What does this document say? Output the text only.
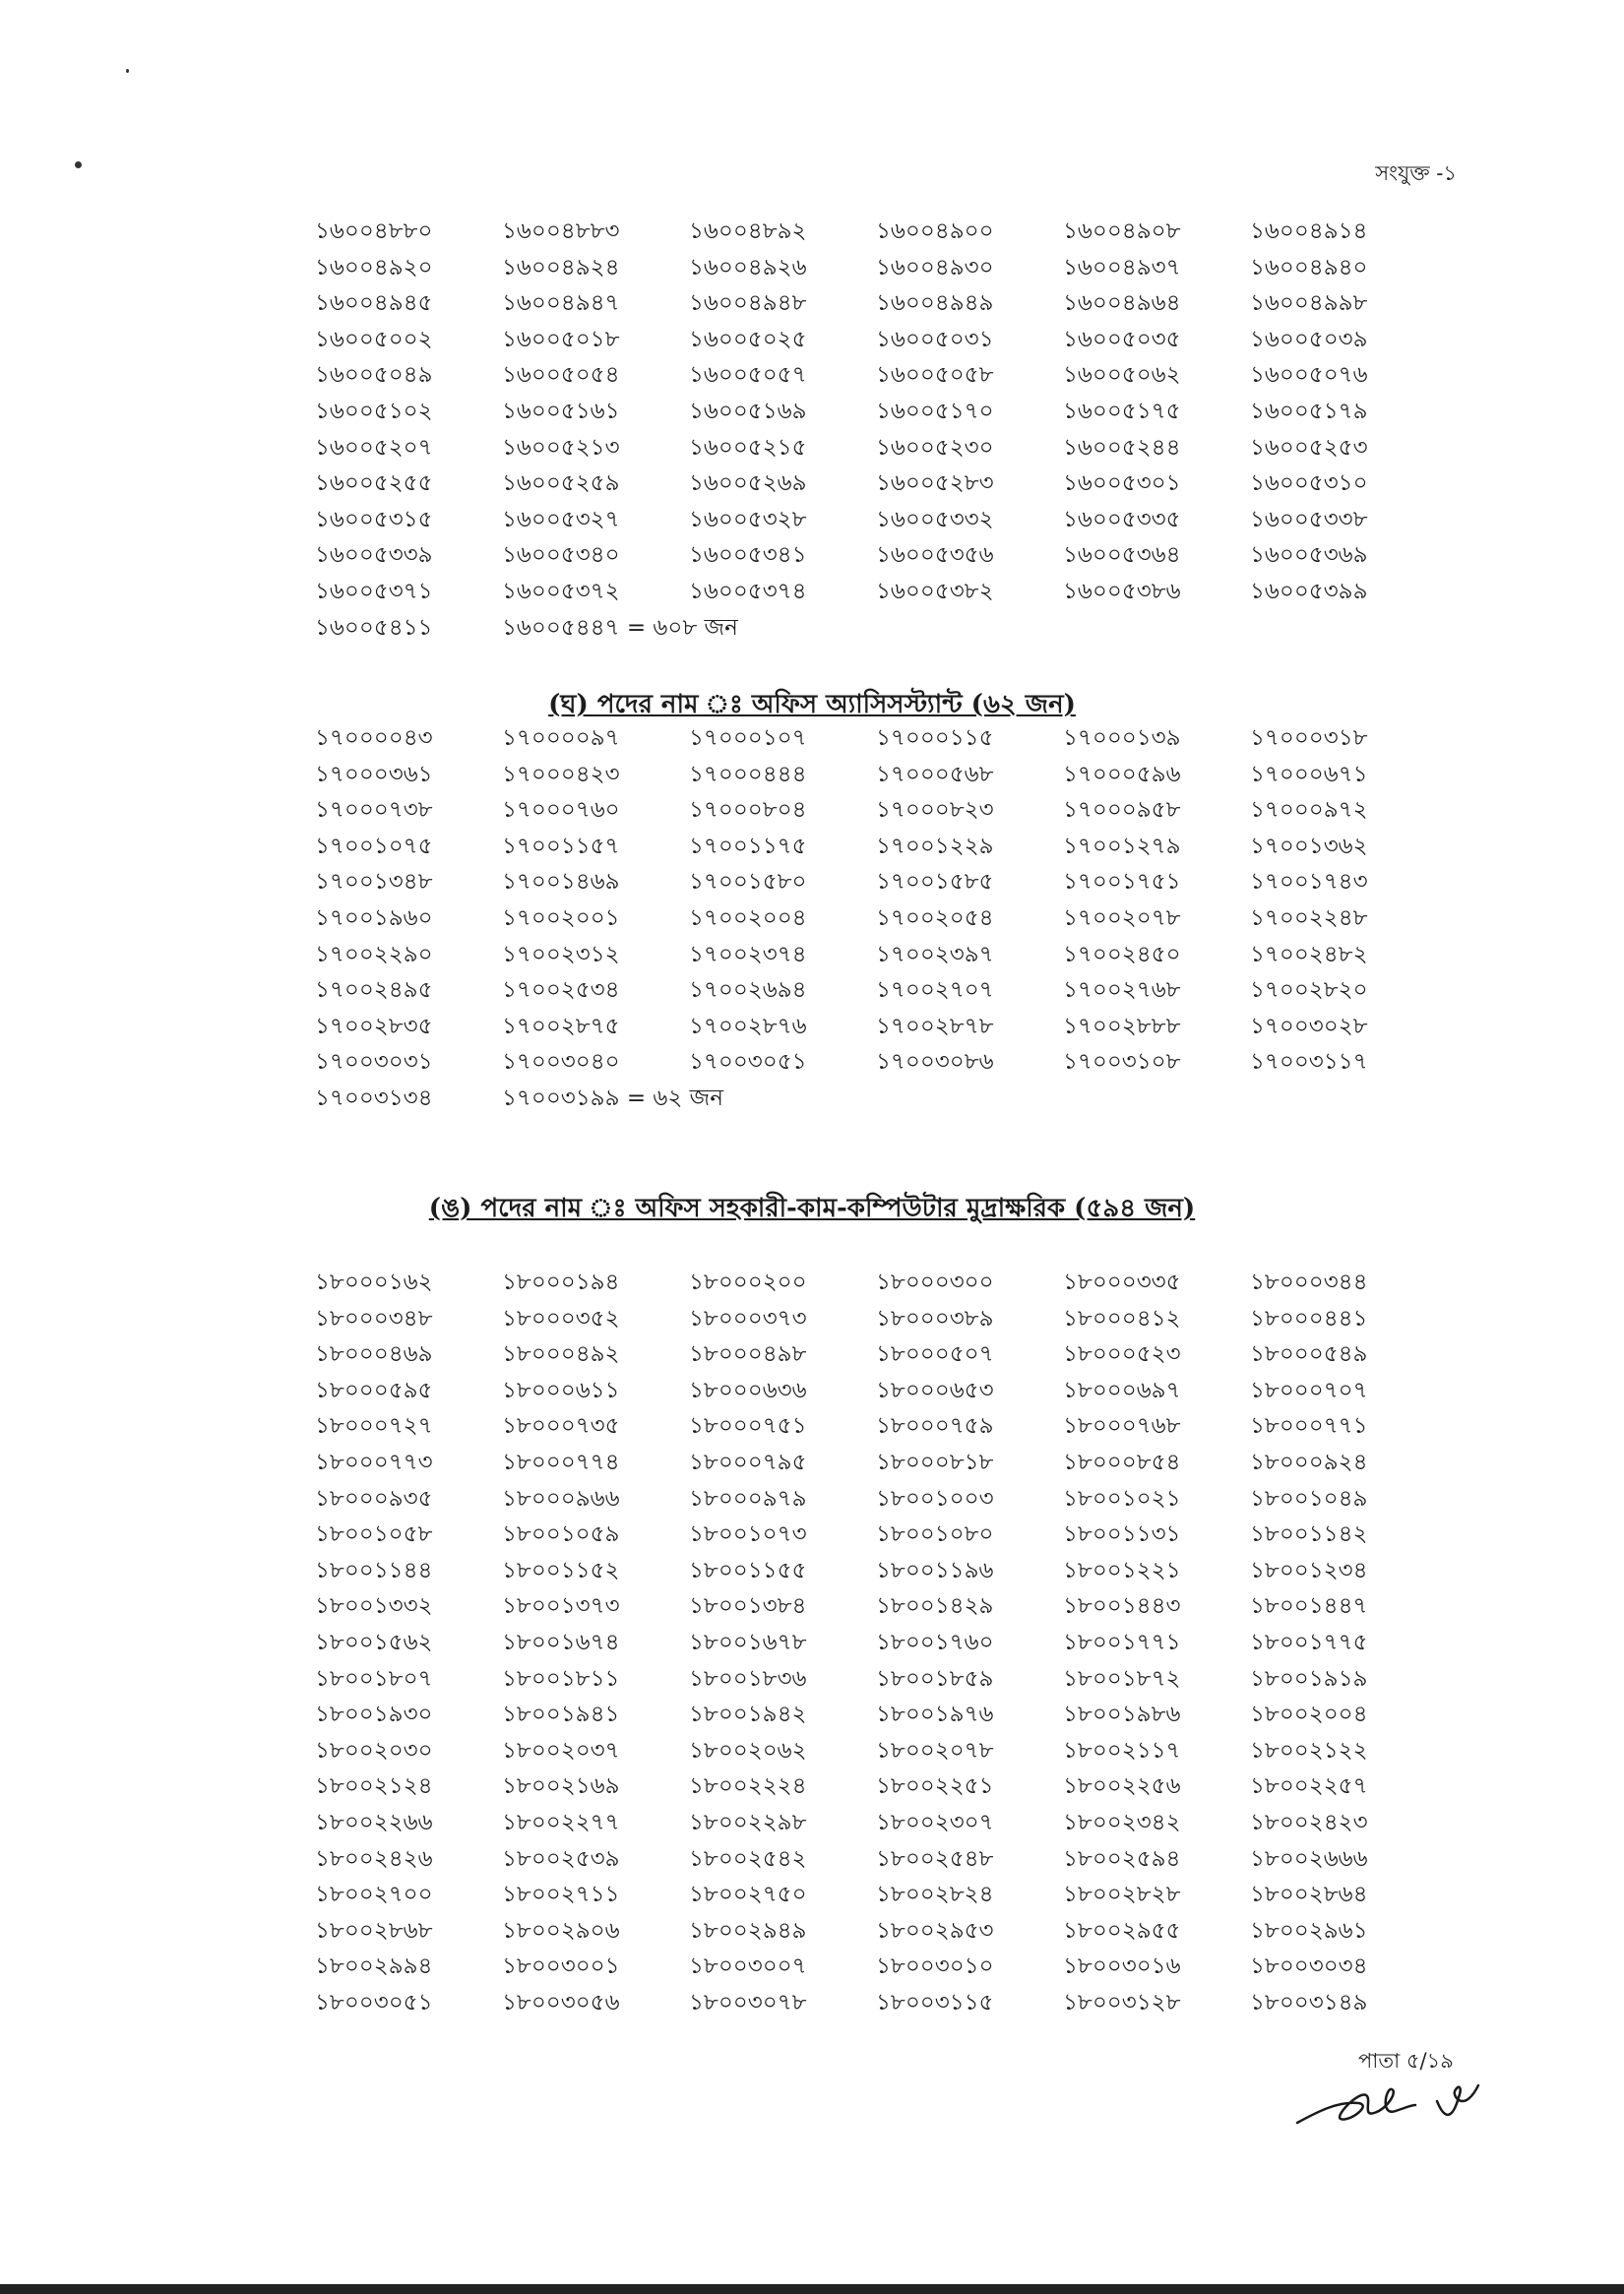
সংযুক্ত -১
১৬০০৪৮৮০	১৬০০৪৮৮৩	১৬০০৪৮৯২	১৬০০৪৯০০	১৬০০৪৯০৮	১৬০০৪৯১৪
১৬০০৪৯২০	১৬০০৪৯২৪	১৬০০৪৯২৬	১৬০০৪৯৩০	১৬০০৪৯৩৭	১৬০০৪৯৪০
১৬০০৪৯৪৫	১৬০০৪৯৪৭	১৬০০৪৯৪৮	১৬০০৪৯৪৯	১৬০০৪৯৬৪	১৬০০৪৯৯৮
১৬০০৫০০২	১৬০০৫০১৮	১৬০০৫০২৫	১৬০০৫০৩১	১৬০০৫০৩৫	১৬০০৫০৩৯
১৬০০৫০৪৯	১৬০০৫০৫৪	১৬০০৫০৫৭	১৬০০৫০৫৮	১৬০০৫০৬২	১৬০০৫০৭৬
১৬০০৫১০২	১৬০০৫১৬১	১৬০০৫১৬৯	১৬০০৫১৭০	১৬০০৫১৭৫	১৬০০৫১৭৯
১৬০০৫২০৭	১৬০০৫২১৩	১৬০০৫২১৫	১৬০০৫২৩০	১৬০০৫২৪৪	১৬০০৫২৫৩
১৬০০৫২৫৫	১৬০০৫২৫৯	১৬০০৫২৬৯	১৬০০৫২৮৩	১৬০০৫৩০১	১৬০০৫৩১০
১৬০০৫৩১৫	১৬০০৫৩২৭	১৬০০৫৩২৮	১৬০০৫৩৩২	১৬০০৫৩৩৫	১৬০০৫৩৩৮
১৬০০৫৩৩৯	১৬০০৫৩৪০	১৬০০৫৩৪১	১৬০০৫৩৫৬	১৬০০৫৩৬৪	১৬০০৫৩৬৯
১৬০০৫৩৭১	১৬০০৫৩৭২	১৬০০৫৩৭৪	১৬০০৫৩৮২	১৬০০৫৩৮৬	১৬০০৫৩৯৯
১৬০০৫৪১১	১৬০০৫৪৪৭ = ৬০৮ জন
(ঘ) পদের নাম ঃ অফিস অ্যাসিসস্ট্যান্ট (৬২ জন)
১৭০০০০৪৩	১৭০০০০৯৭	১৭০০০১০৭	১৭০০০১১৫	১৭০০০১৩৯	১৭০০০৩১৮
১৭০০০৩৬১	১৭০০০৪২৩	১৭০০০৪৪৪	১৭০০০৫৬৮	১৭০০০৫৯৬	১৭০০০৬৭১
১৭০০০৭৩৮	১৭০০০৭৬০	১৭০০০৮০৪	১৭০০০৮২৩	১৭০০০৯৫৮	১৭০০০৯৭২
১৭০০১০৭৫	১৭০০১১৫৭	১৭০০১১৭৫	১৭০০১২২৯	১৭০০১২৭৯	১৭০০১৩৬২
১৭০০১৩৪৮	১৭০০১৪৬৯	১৭০০১৫৮০	১৭০০১৫৮৫	১৭০০১৭৫১	১৭০০১৭৪৩
১৭০০১৯৬০	১৭০০২০০১	১৭০০২০০৪	১৭০০২০৫৪	১৭০০২০৭৮	১৭০০২২৪৮
১৭০০২২৯০	১৭০০২৩১২	১৭০০২৩৭৪	১৭০০২৩৯৭	১৭০০২৪৫০	১৭০০২৪৮২
১৭০০২৪৯৫	১৭০০২৫৩৪	১৭০০২৬৯৪	১৭০০২৭০৭	১৭০০২৭৬৮	১৭০০২৮২০
১৭০০২৮৩৫	১৭০০২৮৭৫	১৭০০২৮৭৬	১৭০০২৮৭৮	১৭০০২৮৮৮	১৭০০৩০২৮
১৭০০৩০৩১	১৭০০৩০৪০	১৭০০৩০৫১	১৭০০৩০৮৬	১৭০০৩১০৮	১৭০০৩১১৭
১৭০০৩১৩৪	১৭০০৩১৯৯ = ৬২ জন
(ঙ) পদের নাম ঃ অফিস সহকারী-কাম-কম্পিউটার মুদ্রাক্ষরিক (৫৯৪ জন)
১৮০০০১৬২	১৮০০০১৯৪	১৮০০০২০০	১৮০০০৩০০	১৮০০০৩৩৫	১৮০০০৩৪৪
১৮০০০৩৪৮	১৮০০০৩৫২	১৮০০০৩৭৩	১৮০০০৩৮৯	১৮০০০৪১২	১৮০০০৪৪১
১৮০০০৪৬৯	১৮০০০৪৯২	১৮০০০৪৯৮	১৮০০০৫০৭	১৮০০০৫২৩	১৮০০০৫৪৯
১৮০০০৫৯৫	১৮০০০৬১১	১৮০০০৬৩৬	১৮০০০৬৫৩	১৮০০০৬৯৭	১৮০০০৭০৭
১৮০০০৭২৭	১৮০০০৭৩৫	১৮০০০৭৫১	১৮০০০৭৫৯	১৮০০০৭৬৮	১৮০০০৭৭১
১৮০০০৭৭৩	১৮০০০৭৭৪	১৮০০০৭৯৫	১৮০০০৮১৮	১৮০০০৮৫৪	১৮০০০৯২৪
১৮০০০৯৩৫	১৮০০০৯৬৬	১৮০০০৯৭৯	১৮০০১০০৩	১৮০০১০২১	১৮০০১০৪৯
১৮০০১০৫৮	১৮০০১০৫৯	১৮০০১০৭৩	১৮০০১০৮০	১৮০০১১৩১	১৮০০১১৪২
১৮০০১১৪৪	১৮০০১১৫২	১৮০০১১৫৫	১৮০০১১৯৬	১৮০০১২২১	১৮০০১২৩৪
১৮০০১৩৩২	১৮০০১৩৭৩	১৮০০১৩৮৪	১৮০০১৪২৯	১৮০০১৪৪৩	১৮০০১৪৪৭
১৮০০১৫৬২	১৮০০১৬৭৪	১৮০০১৬৭৮	১৮০০১৭৬০	১৮০০১৭৭১	১৮০০১৭৭৫
১৮০০১৮০৭	১৮০০১৮১১	১৮০০১৮৩৬	১৮০০১৮৫৯	১৮০০১৮৭২	১৮০০১৯১৯
১৮০০১৯৩০	১৮০০১৯৪১	১৮০০১৯৪২	১৮০০১৯৭৬	১৮০০১৯৮৬	১৮০০২০০৪
১৮০০২০৩০	১৮০০২০৩৭	১৮০০২০৬২	১৮০০২০৭৮	১৮০০২১১৭	১৮০০২১২২
১৮০০২১২৪	১৮০০২১৬৯	১৮০০২২২৪	১৮০০২২৫১	১৮০০২২৫৬	১৮০০২২৫৭
১৮০০২২৬৬	১৮০০২২৭৭	১৮০০২২৯৮	১৮০০২৩০৭	১৮০০২৩৪২	১৮০০২৪২৩
১৮০০২৪২৬	১৮০০২৫৩৯	১৮০০২৫৪২	১৮০০২৫৪৮	১৮০০২৫৯৪	১৮০০২৬৬৬
১৮০০২৭০০	১৮০০২৭১১	১৮০০২৭৫০	১৮০০২৮২৪	১৮০০২৮২৮	১৮০০২৮৬৪
১৮০০২৮৬৮	১৮০০২৯০৬	১৮০০২৯৪৯	১৮০০২৯৫৩	১৮০০২৯৫৫	১৮০০২৯৬১
১৮০০২৯৯৪	১৮০০৩০০১	১৮০০৩০০৭	১৮০০৩০১০	১৮০০৩০১৬	১৮০০৩০৩৪
১৮০০৩০৫১	১৮০০৩০৫৬	১৮০০৩০৭৮	১৮০০৩১১৫	১৮০০৩১২৮	১৮০০৩১৪৯
পাতা ৫/১৯
